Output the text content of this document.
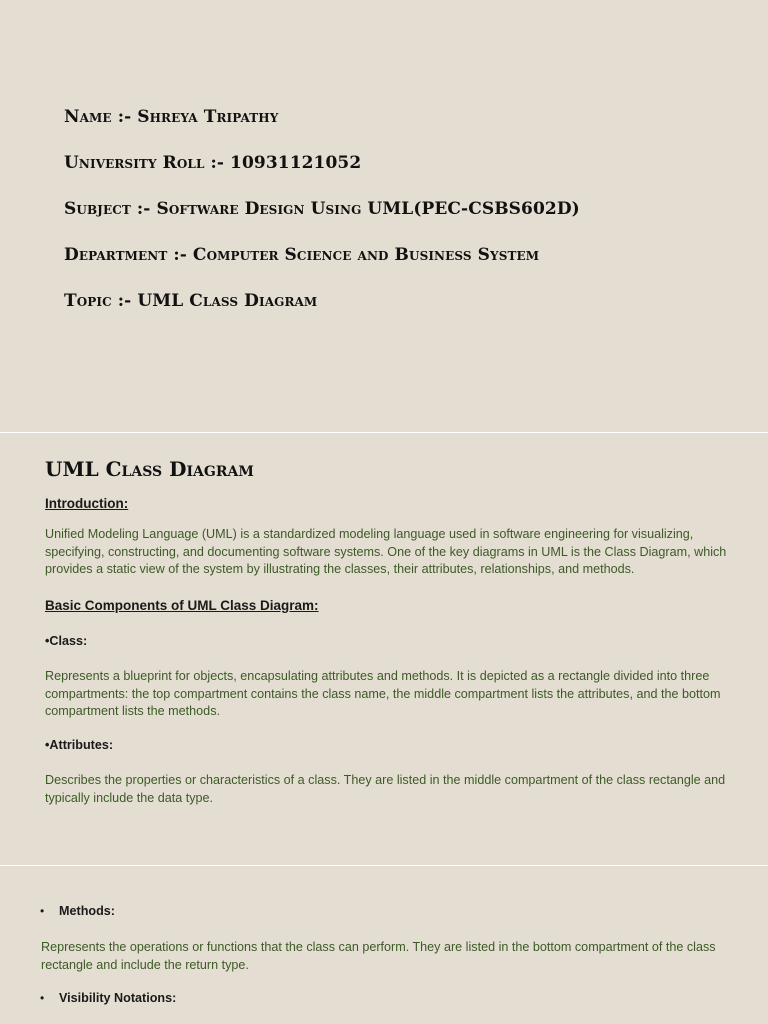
Name :- Shreya Tripathy
University Roll :- 10931121052
Subject :- Software Design Using UML(PEC-CSBS602D)
Department :- Computer Science and Business System
Topic :- UML Class Diagram
UML Class Diagram
Introduction:
Unified Modeling Language (UML) is a standardized modeling language used in software engineering for visualizing, specifying, constructing, and documenting software systems. One of the key diagrams in UML is the Class Diagram, which provides a static view of the system by illustrating the classes, their attributes, relationships, and methods.
Basic Components of UML Class Diagram:
•Class:
Represents a blueprint for objects, encapsulating attributes and methods. It is depicted as a rectangle divided into three compartments: the top compartment contains the class name, the middle compartment lists the attributes, and the bottom compartment lists the methods.
•Attributes:
Describes the properties or characteristics of a class. They are listed in the middle compartment of the class rectangle and typically include the data type.
•	Methods:
Represents the operations or functions that the class can perform. They are listed in the bottom compartment of the class rectangle and include the return type.
•	Visibility Notations:
